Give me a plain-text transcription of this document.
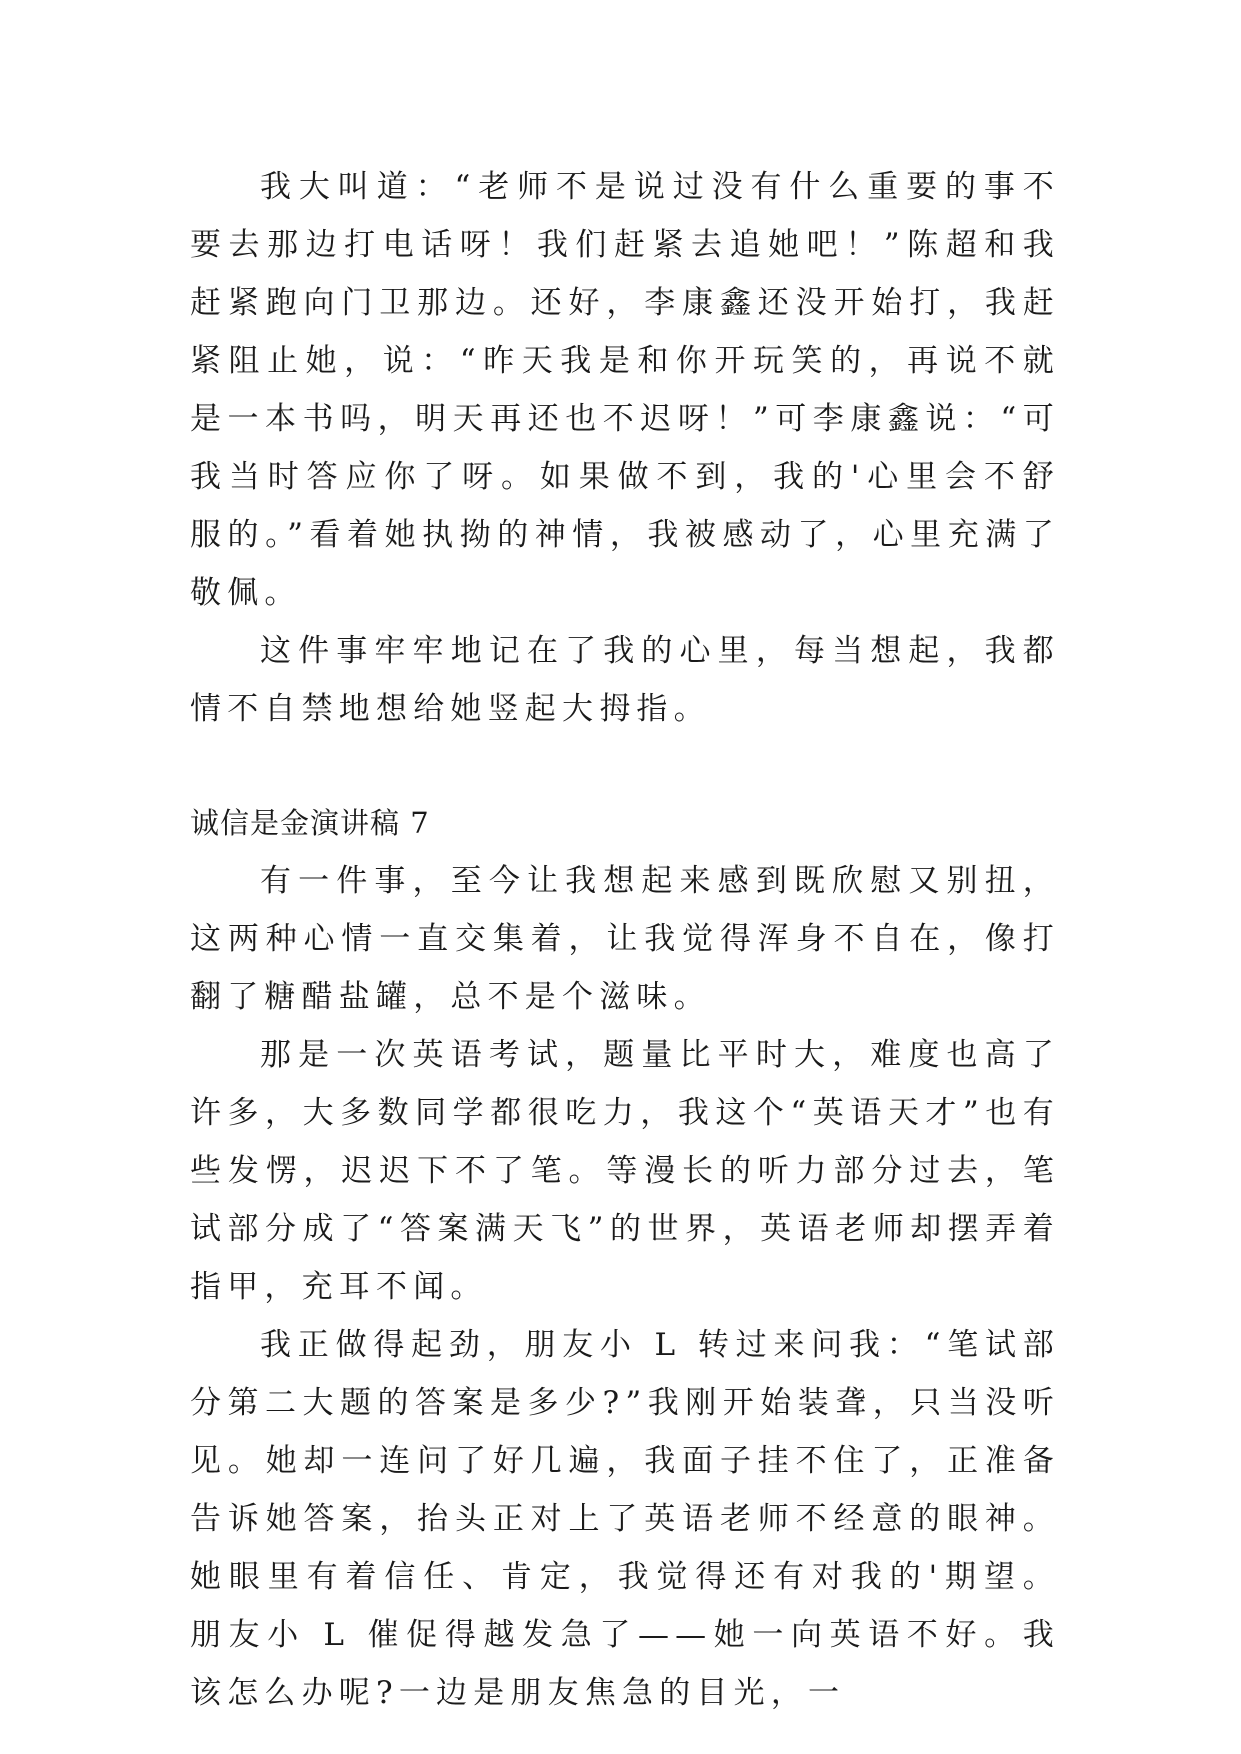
我大叫道：“老师不是说过没有什么重要的事不要去那边打电话呀！我们赶紧去追她吧！”陈超和我赶紧跑向门卫那边。还好，李康鑫还没开始打，我赶紧阻止她，说：“昨天我是和你开玩笑的，再说不就是一本书吗，明天再还也不迟呀！”可李康鑫说：“可我当时答应你了呀。如果做不到，我的'心里会不舒服的。”看着她执拗的神情，我被感动了，心里充满了敬佩。

这件事牢牢地记在了我的心里，每当想起，我都情不自禁地想给她竖起大拇指。

诚信是金演讲稿 7

有一件事，至今让我想起来感到既欣慰又别扭，这两种心情一直交集着，让我觉得浑身不自在，像打翻了糖醋盐罐，总不是个滋味。

那是一次英语考试，题量比平时大，难度也高了许多，大多数同学都很吃力，我这个“英语天才”也有些发愣，迟迟下不了笔。等漫长的听力部分过去，笔试部分成了“答案满天飞”的世界，英语老师却摆弄着指甲，充耳不闻。

我正做得起劲，朋友小 L 转过来问我：“笔试部分第二大题的答案是多少?”我刚开始装聋，只当没听见。她却一连问了好几遍，我面子挂不住了，正准备告诉她答案，抬头正对上了英语老师不经意的眼神。她眼里有着信任、肯定，我觉得还有对我的'期望。朋友小 L 催促得越发急了——她一向英语不好。我该怎么办呢?一边是朋友焦急的目光，一
